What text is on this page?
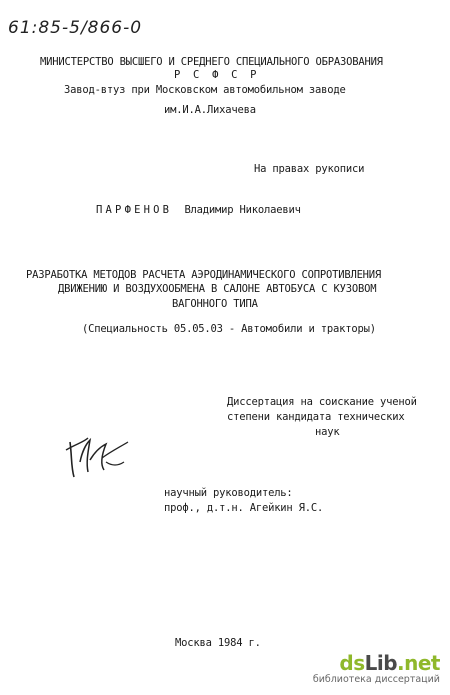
61:85-5/866-0
МИНИСТЕРСТВО ВЫСШЕГО И СРЕДНЕГО СПЕЦИАЛЬНОГО ОБРАЗОВАНИЯ
Р С Ф С Р
Завод-втуз при Московском автомобильном заводе
им.И.А.Лихачева
На правах рукописи
ПАРФЕНОВ Владимир Николаевич
РАЗРАБОТКА МЕТОДОВ РАСЧЕТА АЭРОДИНАМИЧЕСКОГО СОПРОТИВЛЕНИЯ
ДВИЖЕНИЮ И ВОЗДУХООБМЕНА В САЛОНЕ АВТОБУСА С КУЗОВОМ
ВАГОННОГО ТИПА
(Специальность 05.05.03 - Автомобили и тракторы)
Диссертация на соискание ученой
степени кандидата технических
наук
научный руководитель:
проф., д.т.н. Агейкин Я.С.
Москва 1984 г.
dsLib.net
библиотека диссертаций
